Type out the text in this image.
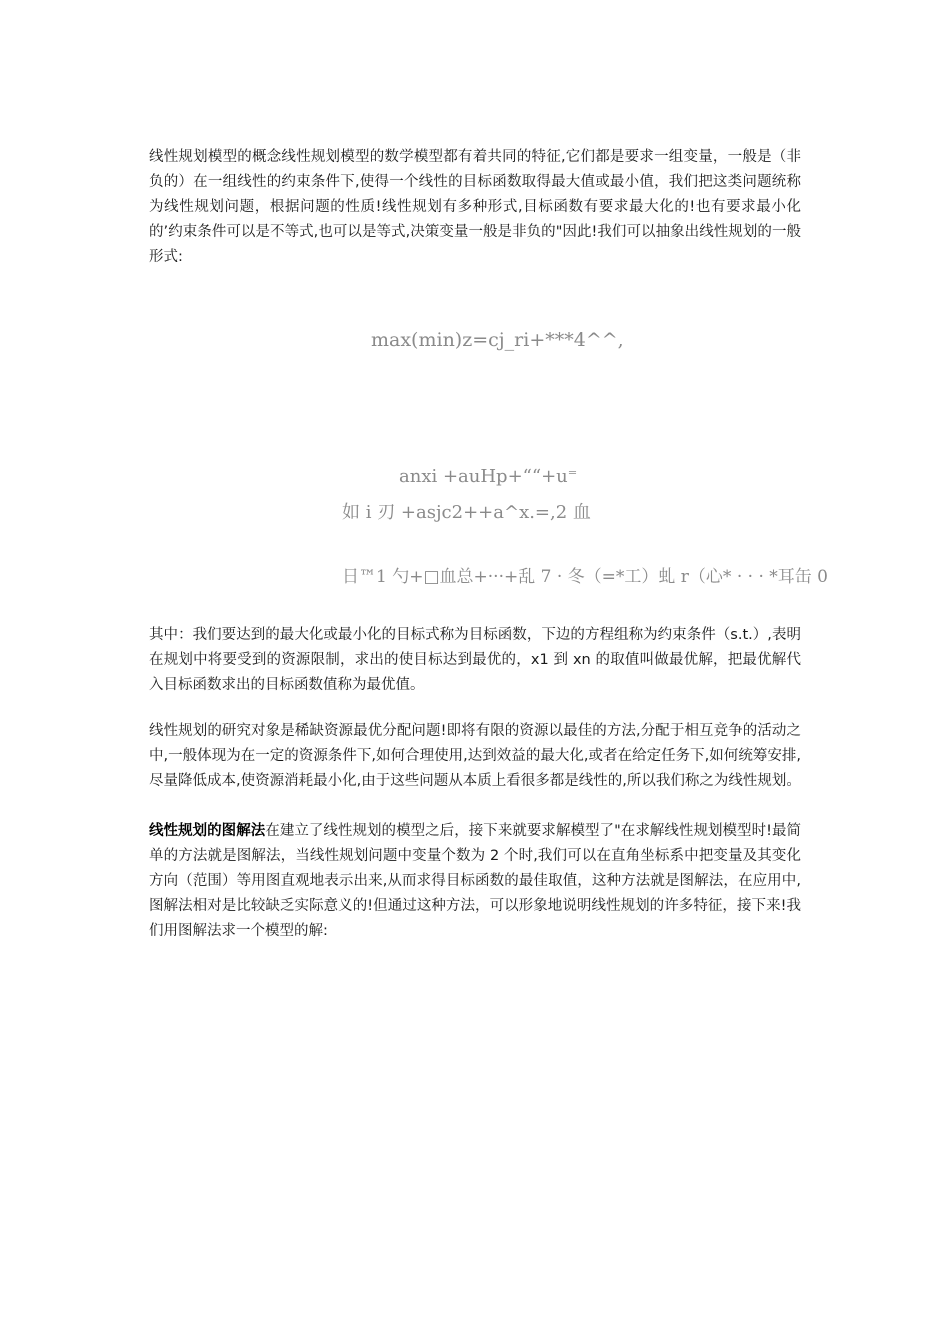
线性规划模型的概念线性规划模型的数学模型都有着共同的特征,它们都是要求一组变量，一般是（非负的）在一组线性的约束条件下,使得一个线性的目标函数取得最大值或最小值，我们把这类问题统称为线性规划问题，根据问题的性质!线性规划有多种形式,目标函数有要求最大化的!也有要求最小化的’约束条件可以是不等式,也可以是等式,决策变量一般是非负的"因此!我们可以抽象出线性规划的一般形式:

max(min)z=cj_ri+***4^^,
anxi +auHp+““+u⁼
如 i 刃 +asjc2++a^x.=,2 血
日™1 勺+□血总+···+乱 7 · 冬（=*工）虬 r（心* · · · *耳缶 0

其中：我们要达到的最大化或最小化的目标式称为目标函数，下边的方程组称为约束条件（s.t.）,表明在规划中将要受到的资源限制，求出的使目标达到最优的，x1 到 xn 的取值叫做最优解，把最优解代入目标函数求出的目标函数值称为最优值。

线性规划的研究对象是稀缺资源最优分配问题!即将有限的资源以最佳的方法,分配于相互竞争的活动之中,一般体现为在一定的资源条件下,如何合理使用,达到效益的最大化,或者在给定任务下,如何统筹安排,尽量降低成本,使资源消耗最小化,由于这些问题从本质上看很多都是线性的,所以我们称之为线性规划。

线性规划的图解法在建立了线性规划的模型之后，接下来就要求解模型了"在求解线性规划模型时!最简单的方法就是图解法，当线性规划问题中变量个数为 2 个时,我们可以在直角坐标系中把变量及其变化方向（范围）等用图直观地表示出来,从而求得目标函数的最佳取值，这种方法就是图解法，在应用中,图解法相对是比较缺乏实际意义的!但通过这种方法，可以形象地说明线性规划的许多特征，接下来!我们用图解法求一个模型的解:
